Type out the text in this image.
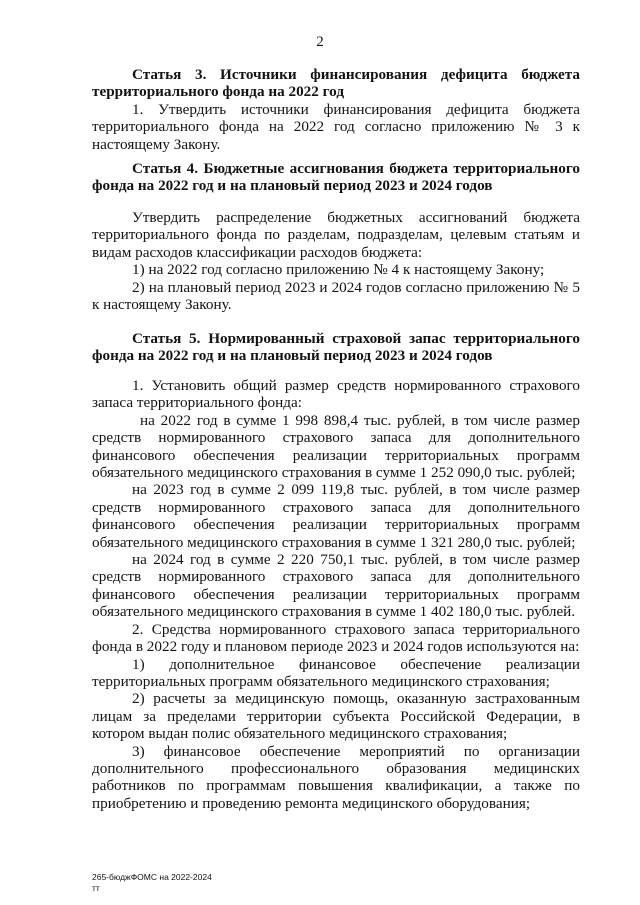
2

Статья 3. Источники финансирования дефицита бюджета территориального фонда на 2022 год

1. Утвердить источники финансирования дефицита бюджета территориального фонда на 2022 год согласно приложению № 3 к настоящему Закону.

Статья 4. Бюджетные ассигнования бюджета территориального фонда на 2022 год и на плановый период 2023 и 2024 годов

Утвердить распределение бюджетных ассигнований бюджета территориального фонда по разделам, подразделам, целевым статьям и видам расходов классификации расходов бюджета:

1) на 2022 год согласно приложению № 4 к настоящему Закону;

2) на плановый период 2023 и 2024 годов согласно приложению № 5 к настоящему Закону.

Статья 5. Нормированный страховой запас территориального фонда на 2022 год и на плановый период 2023 и 2024 годов

1. Установить общий размер средств нормированного страхового запаса территориального фонда:

на 2022 год в сумме 1 998 898,4 тыс. рублей, в том числе размер средств нормированного страхового запаса для дополнительного финансового обеспечения реализации территориальных программ обязательного медицинского страхования в сумме 1 252 090,0 тыс. рублей;

на 2023 год в сумме 2 099 119,8 тыс. рублей, в том числе размер средств нормированного страхового запаса для дополнительного финансового обеспечения реализации территориальных программ обязательного медицинского страхования в сумме 1 321 280,0 тыс. рублей;

на 2024 год в сумме 2 220 750,1 тыс. рублей, в том числе размер средств нормированного страхового запаса для дополнительного финансового обеспечения реализации территориальных программ обязательного медицинского страхования в сумме 1 402 180,0 тыс. рублей.

2. Средства нормированного страхового запаса территориального фонда в 2022 году и плановом периоде 2023 и 2024 годов используются на:

1) дополнительное финансовое обеспечение реализации территориальных программ обязательного медицинского страхования;

2) расчеты за медицинскую помощь, оказанную застрахованным лицам за пределами территории субъекта Российской Федерации, в котором выдан полис обязательного медицинского страхования;

3) финансовое обеспечение мероприятий по организации дополнительного профессионального образования медицинских работников по программам повышения квалификации, а также по приобретению и проведению ремонта медицинского оборудования;

265-бюджФОМС на 2022-2024
тт
